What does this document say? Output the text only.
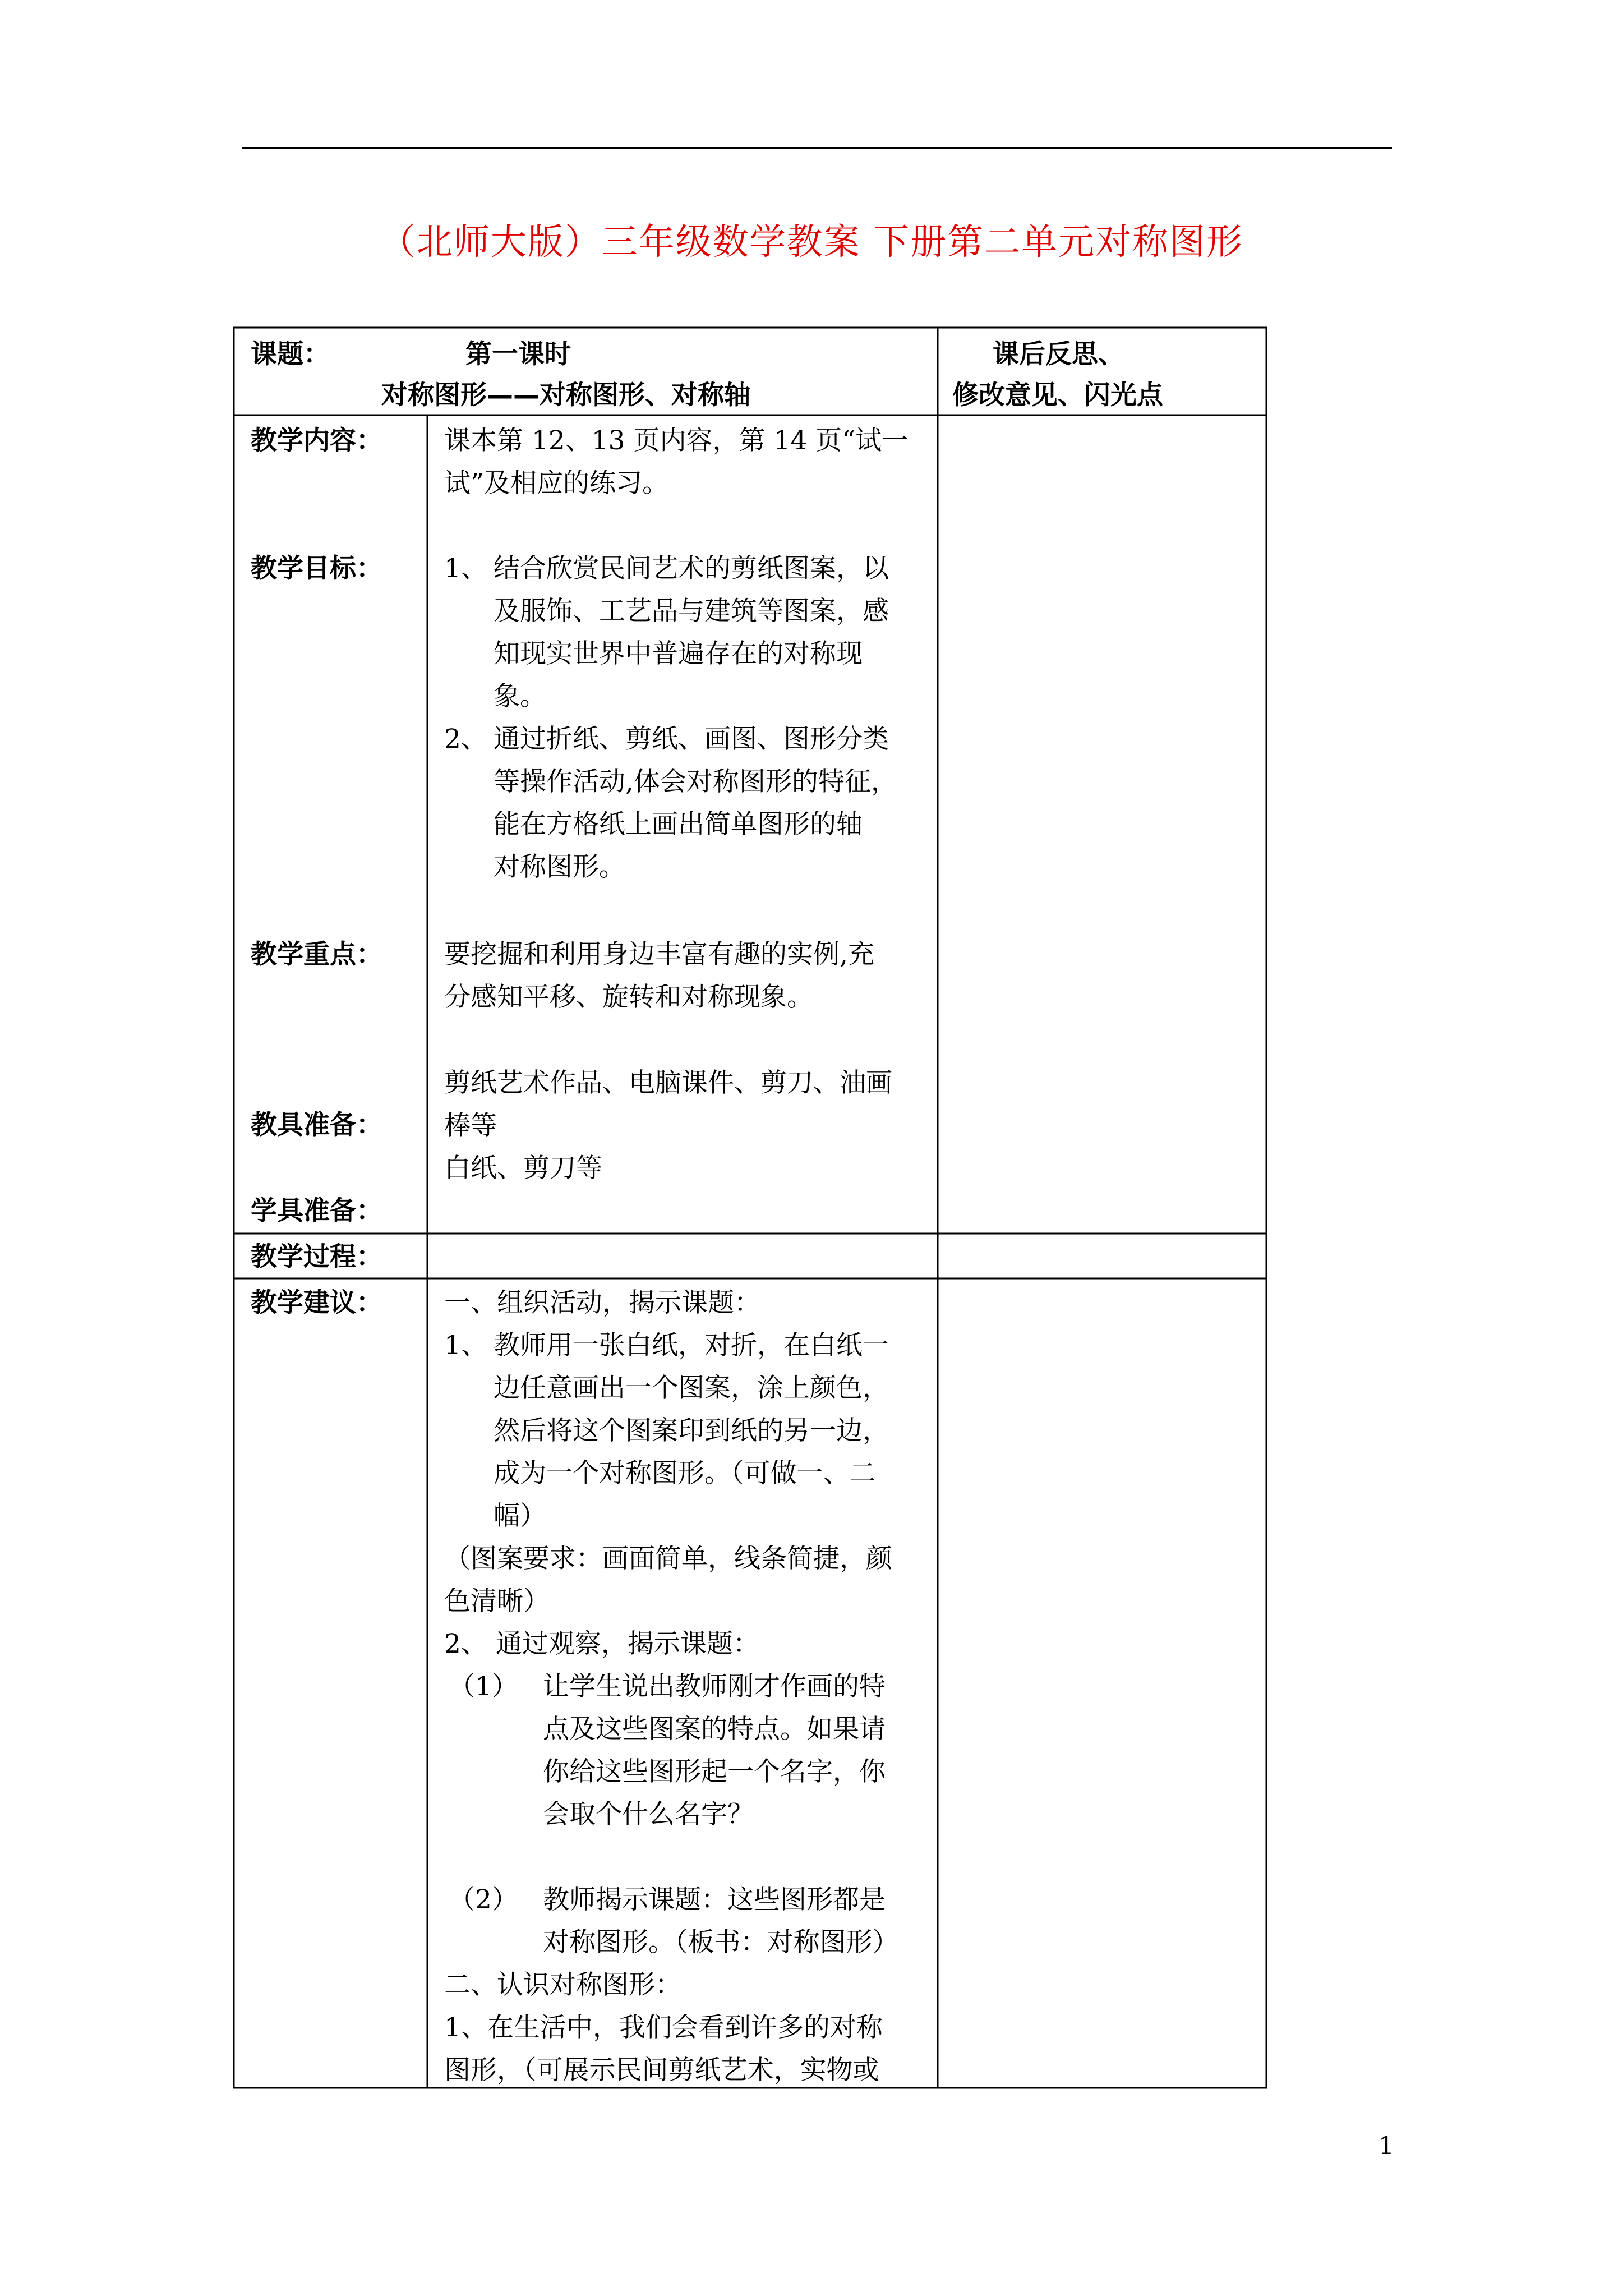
（北师大版）三年级数学教案 下册第二单元对称图形
课题：	第一课时
对称图形——对称图形、对称轴
课后反思、
修改意见、闪光点
教学内容：
教学目标：
教学重点：
教具准备：
学具准备：
教学过程：
教学建议：
课本第 12、13 页内容，第 14 页“试一
试”及相应的练习。
1、 结合欣赏民间艺术的剪纸图案，以
及服饰、工艺品与建筑等图案，感
知现实世界中普遍存在的对称现
象。
2、 通过折纸、剪纸、画图、图形分类
等操作活动,体会对称图形的特征，
能在方格纸上画出简单图形的轴
对称图形。
要挖掘和利用身边丰富有趣的实例,充
分感知平移、旋转和对称现象。
剪纸艺术作品、电脑课件、剪刀、油画
棒等
白纸、剪刀等
一、组织活动，揭示课题：
1、 教师用一张白纸，对折，在白纸一
边任意画出一个图案，涂上颜色，
然后将这个图案印到纸的另一边，
成为一个对称图形。（可做一、二
幅）
（图案要求：画面简单，线条简捷，颜
色清晰）
2、 通过观察，揭示课题：
（1） 让学生说出教师刚才作画的特
点及这些图案的特点。如果请
你给这些图形起一个名字，你
会取个什么名字？
（2） 教师揭示课题：这些图形都是
对称图形。（板书：对称图形）
二、认识对称图形：
1、在生活中，我们会看到许多的对称
图形，（可展示民间剪纸艺术，实物或
1
